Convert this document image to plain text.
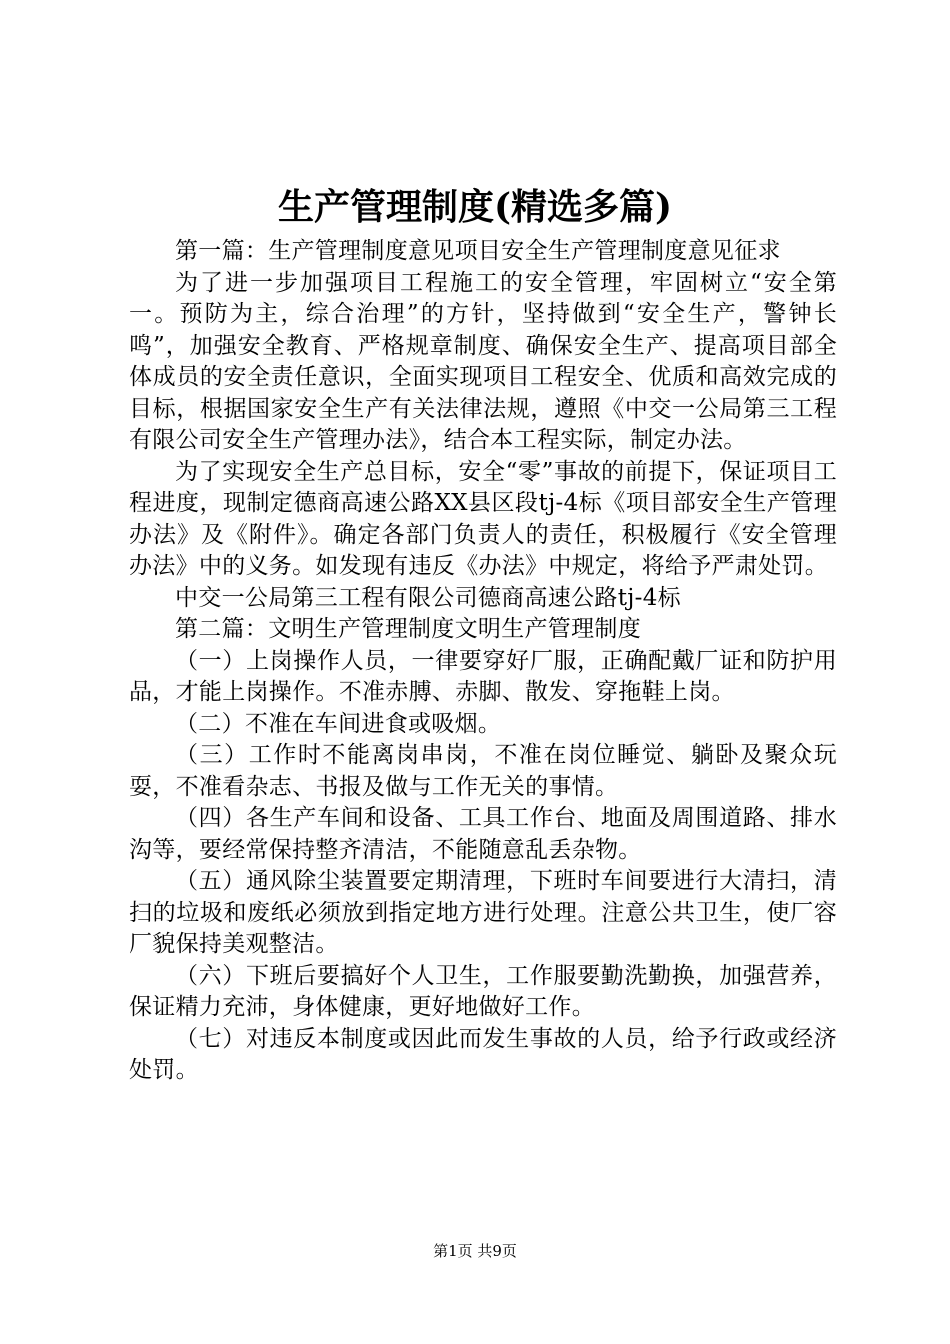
生产管理制度(精选多篇)

第一篇：生产管理制度意见项目安全生产管理制度意见征求

为了进一步加强项目工程施工的安全管理，牢固树立“安全第一。预防为主，综合治理”的方针，坚持做到“安全生产，警钟长鸣”，加强安全教育、严格规章制度、确保安全生产、提高项目部全体成员的安全责任意识，全面实现项目工程安全、优质和高效完成的目标，根据国家安全生产有关法律法规，遵照《中交一公局第三工程有限公司安全生产管理办法》，结合本工程实际，制定办法。

为了实现安全生产总目标，安全“零”事故的前提下，保证项目工程进度，现制定德商高速公路XX县区段tj-4标《项目部安全生产管理办法》及《附件》。确定各部门负责人的责任，积极履行《安全管理办法》中的义务。如发现有违反《办法》中规定，将给予严肃处罚。

中交一公局第三工程有限公司德商高速公路tj-4标

第二篇：文明生产管理制度文明生产管理制度

（一）上岗操作人员，一律要穿好厂服，正确配戴厂证和防护用品，才能上岗操作。不准赤膊、赤脚、散发、穿拖鞋上岗。

（二）不准在车间进食或吸烟。

（三）工作时不能离岗串岗，不准在岗位睡觉、躺卧及聚众玩耍，不准看杂志、书报及做与工作无关的事情。

（四）各生产车间和设备、工具工作台、地面及周围道路、排水沟等，要经常保持整齐清洁，不能随意乱丢杂物。

（五）通风除尘装置要定期清理，下班时车间要进行大清扫，清扫的垃圾和废纸必须放到指定地方进行处理。注意公共卫生，使厂容厂貌保持美观整洁。

（六）下班后要搞好个人卫生，工作服要勤洗勤换，加强营养，保证精力充沛，身体健康，更好地做好工作。

（七）对违反本制度或因此而发生事故的人员，给予行政或经济处罚。

第1页 共9页
